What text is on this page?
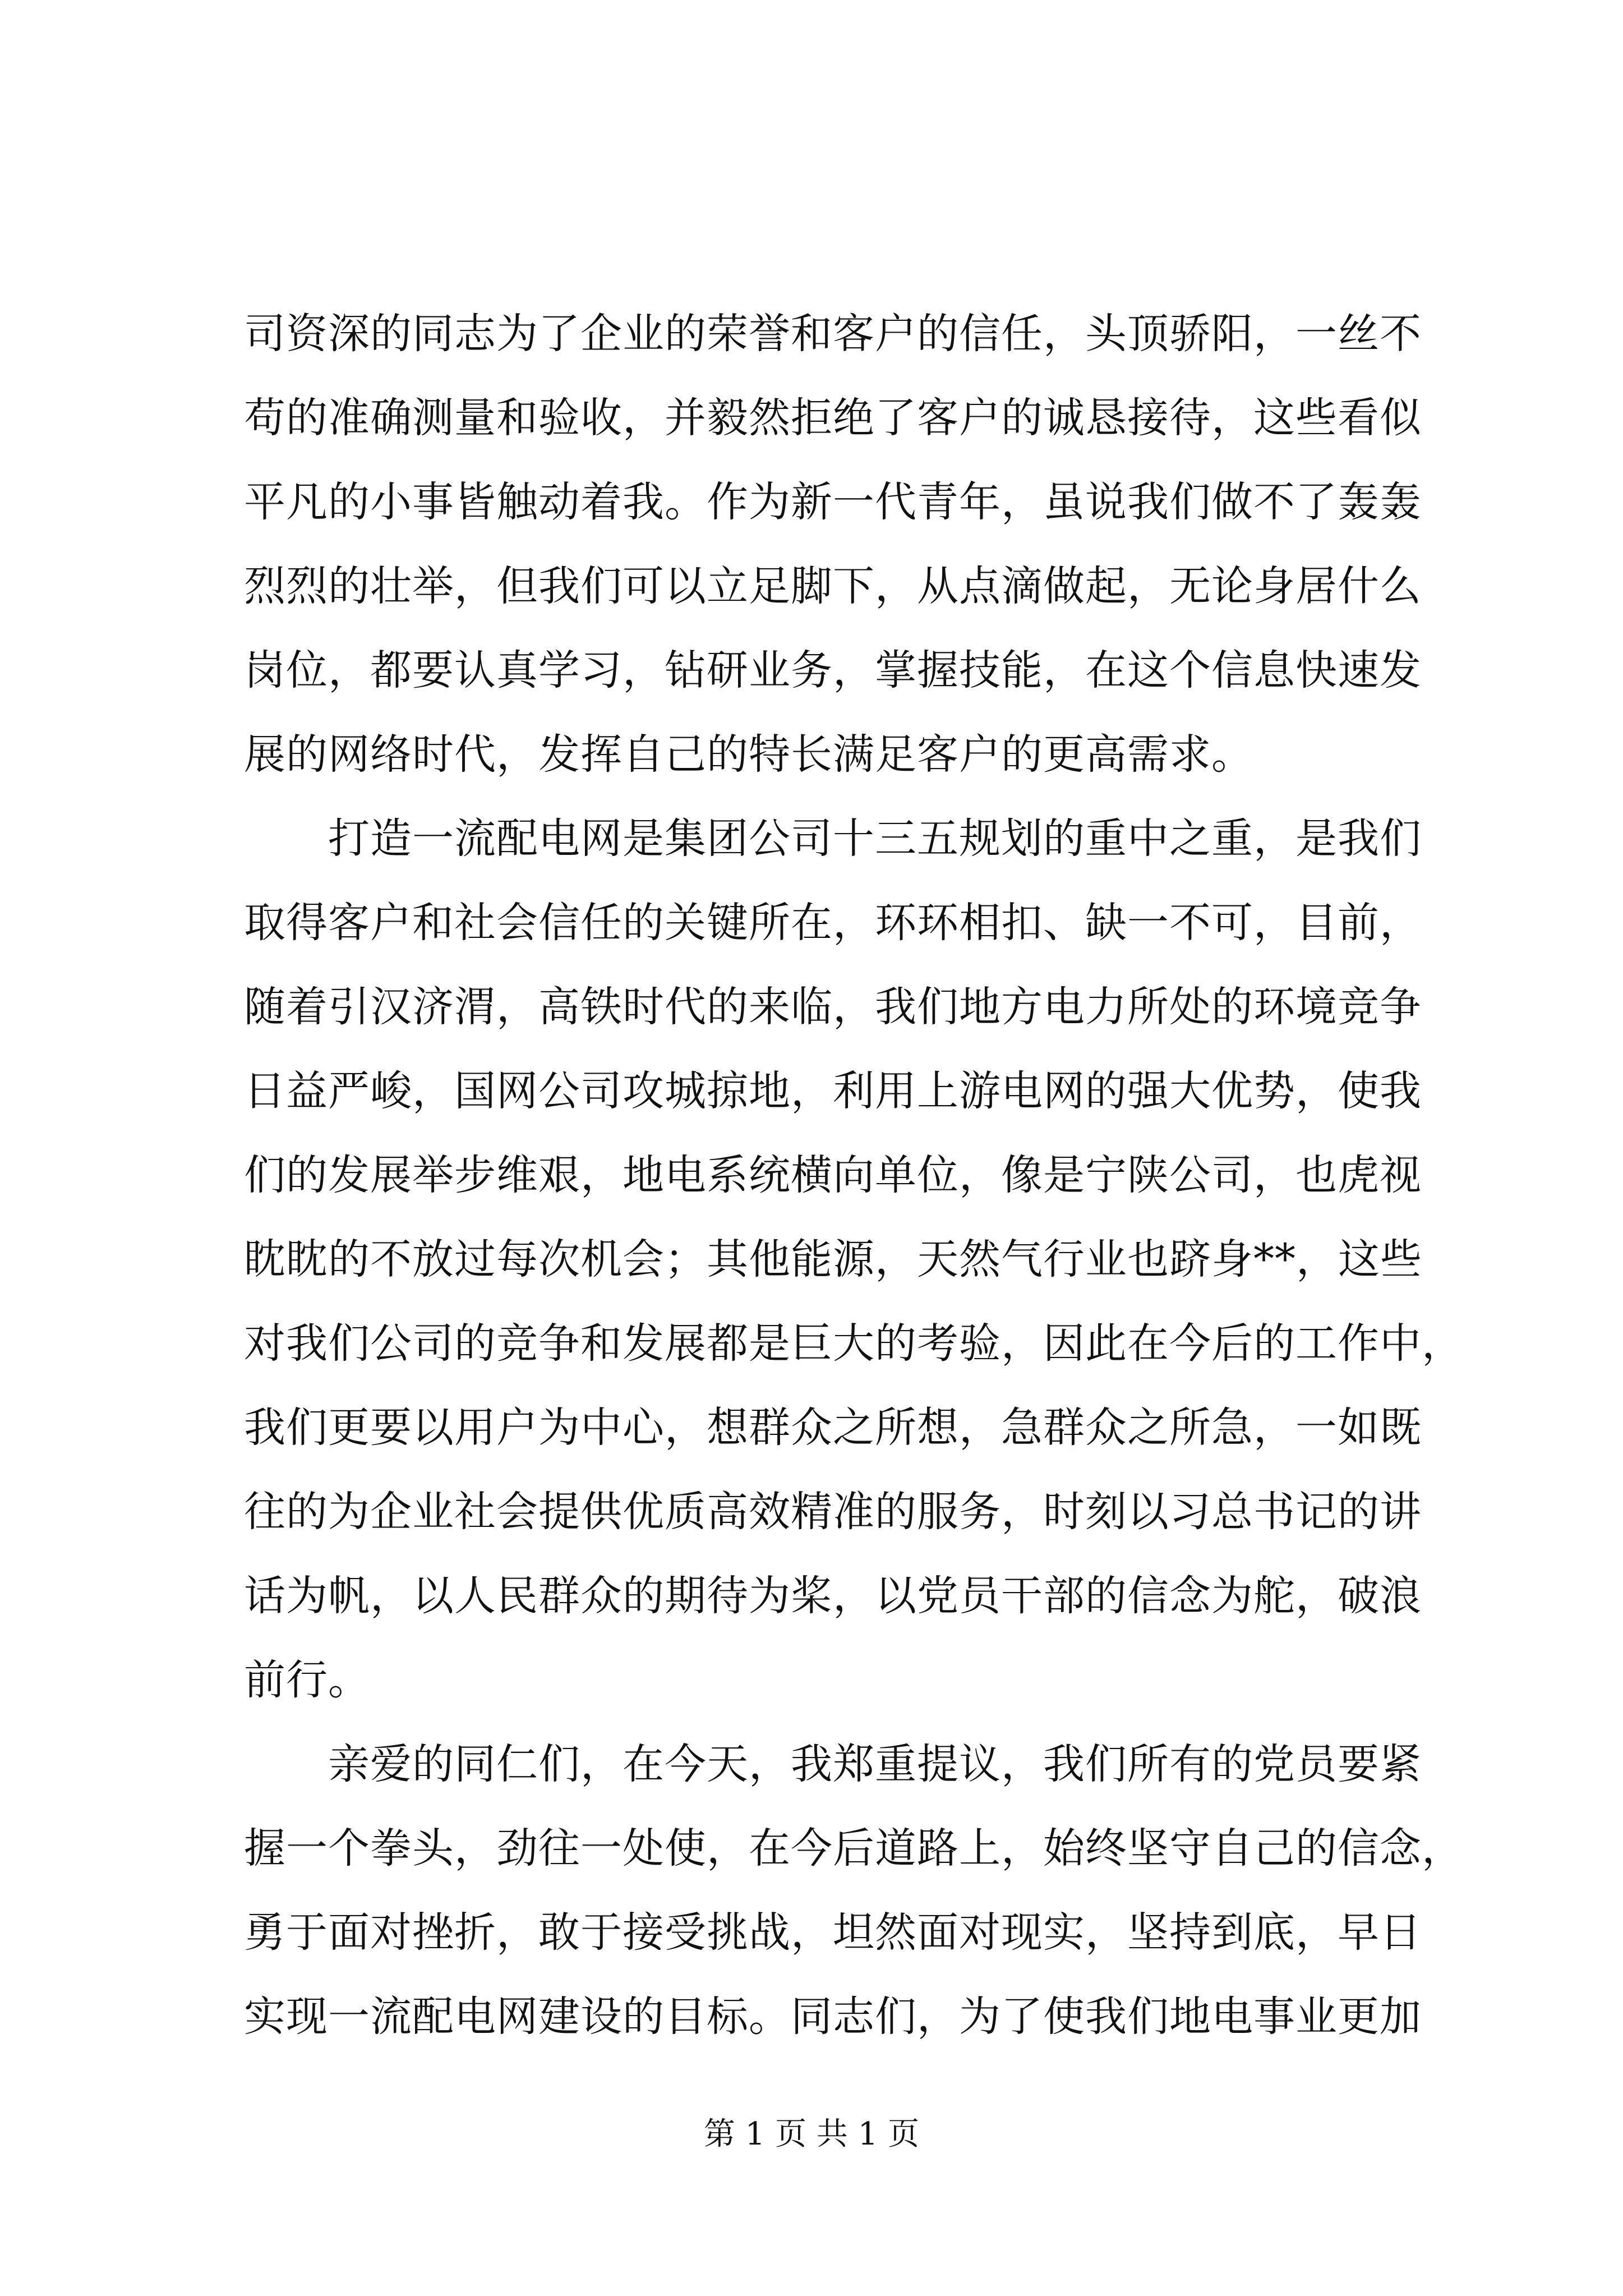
司资深的同志为了企业的荣誉和客户的信任，头顶骄阳，一丝不
苟的准确测量和验收，并毅然拒绝了客户的诚恳接待，这些看似
平凡的小事皆触动着我。作为新一代青年，虽说我们做不了轰轰
烈烈的壮举，但我们可以立足脚下，从点滴做起，无论身居什么
岗位，都要认真学习，钻研业务，掌握技能，在这个信息快速发
展的网络时代，发挥自己的特长满足客户的更高需求。
打造一流配电网是集团公司十三五规划的重中之重，是我们
取得客户和社会信任的关键所在，环环相扣、缺一不可，目前，
随着引汉济渭，高铁时代的来临，我们地方电力所处的环境竞争
日益严峻，国网公司攻城掠地，利用上游电网的强大优势，使我
们的发展举步维艰，地电系统横向单位，像是宁陕公司，也虎视
眈眈的不放过每次机会；其他能源，天然气行业也跻身**，这些
对我们公司的竞争和发展都是巨大的考验，因此在今后的工作中，
我们更要以用户为中心，想群众之所想，急群众之所急，一如既
往的为企业社会提供优质高效精准的服务，时刻以习总书记的讲
话为帆，以人民群众的期待为桨，以党员干部的信念为舵，破浪
前行。
亲爱的同仁们，在今天，我郑重提议，我们所有的党员要紧
握一个拳头，劲往一处使，在今后道路上，始终坚守自己的信念，
勇于面对挫折，敢于接受挑战，坦然面对现实，坚持到底，早日
实现一流配电网建设的目标。同志们，为了使我们地电事业更加
第 1 页 共 1 页
